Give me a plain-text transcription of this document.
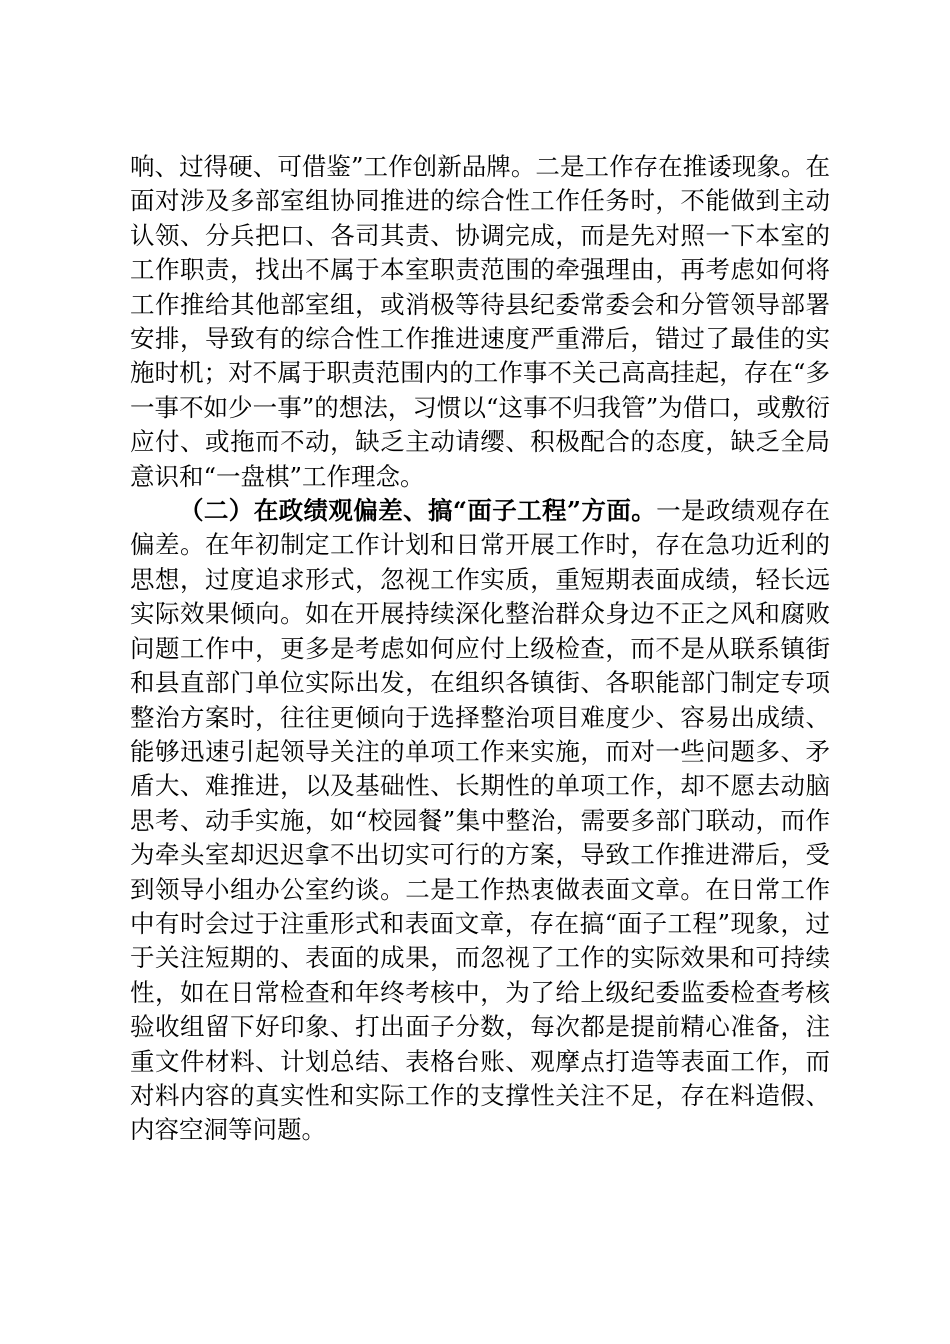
响、过得硬、可借鉴”工作创新品牌。二是工作存在推诿现象。在面对涉及多部室组协同推进的综合性工作任务时，不能做到主动认领、分兵把口、各司其责、协调完成，而是先对照一下本室的工作职责，找出不属于本室职责范围的牵强理由，再考虑如何将工作推给其他部室组，或消极等待县纪委常委会和分管领导部署安排，导致有的综合性工作推进速度严重滞后，错过了最佳的实施时机；对不属于职责范围内的工作事不关己高高挂起，存在“多一事不如少一事”的想法，习惯以“这事不归我管”为借口，或敷衍应付、或拖而不动，缺乏主动请缨、积极配合的态度，缺乏全局意识和“一盘棋”工作理念。

（二）在政绩观偏差、搞“面子工程”方面。一是政绩观存在偏差。在年初制定工作计划和日常开展工作时，存在急功近利的思想，过度追求形式，忽视工作实质，重短期表面成绩，轻长远实际效果倾向。如在开展持续深化整治群众身边不正之风和腐败问题工作中，更多是考虑如何应付上级检查，而不是从联系镇街和县直部门单位实际出发，在组织各镇街、各职能部门制定专项整治方案时，往往更倾向于选择整治项目难度少、容易出成绩、能够迅速引起领导关注的单项工作来实施，而对一些问题多、矛盾大、难推进，以及基础性、长期性的单项工作，却不愿去动脑思考、动手实施，如“校园餐”集中整治，需要多部门联动，而作为牵头室却迟迟拿不出切实可行的方案，导致工作推进滞后，受到领导小组办公室约谈。二是工作热衷做表面文章。在日常工作中有时会过于注重形式和表面文章，存在搞“面子工程”现象，过于关注短期的、表面的成果，而忽视了工作的实际效果和可持续性，如在日常检查和年终考核中，为了给上级纪委监委检查考核验收组留下好印象、打出面子分数，每次都是提前精心准备，注重文件材料、计划总结、表格台账、观摩点打造等表面工作，而对料内容的真实性和实际工作的支撑性关注不足，存在料造假、内容空洞等问题。
